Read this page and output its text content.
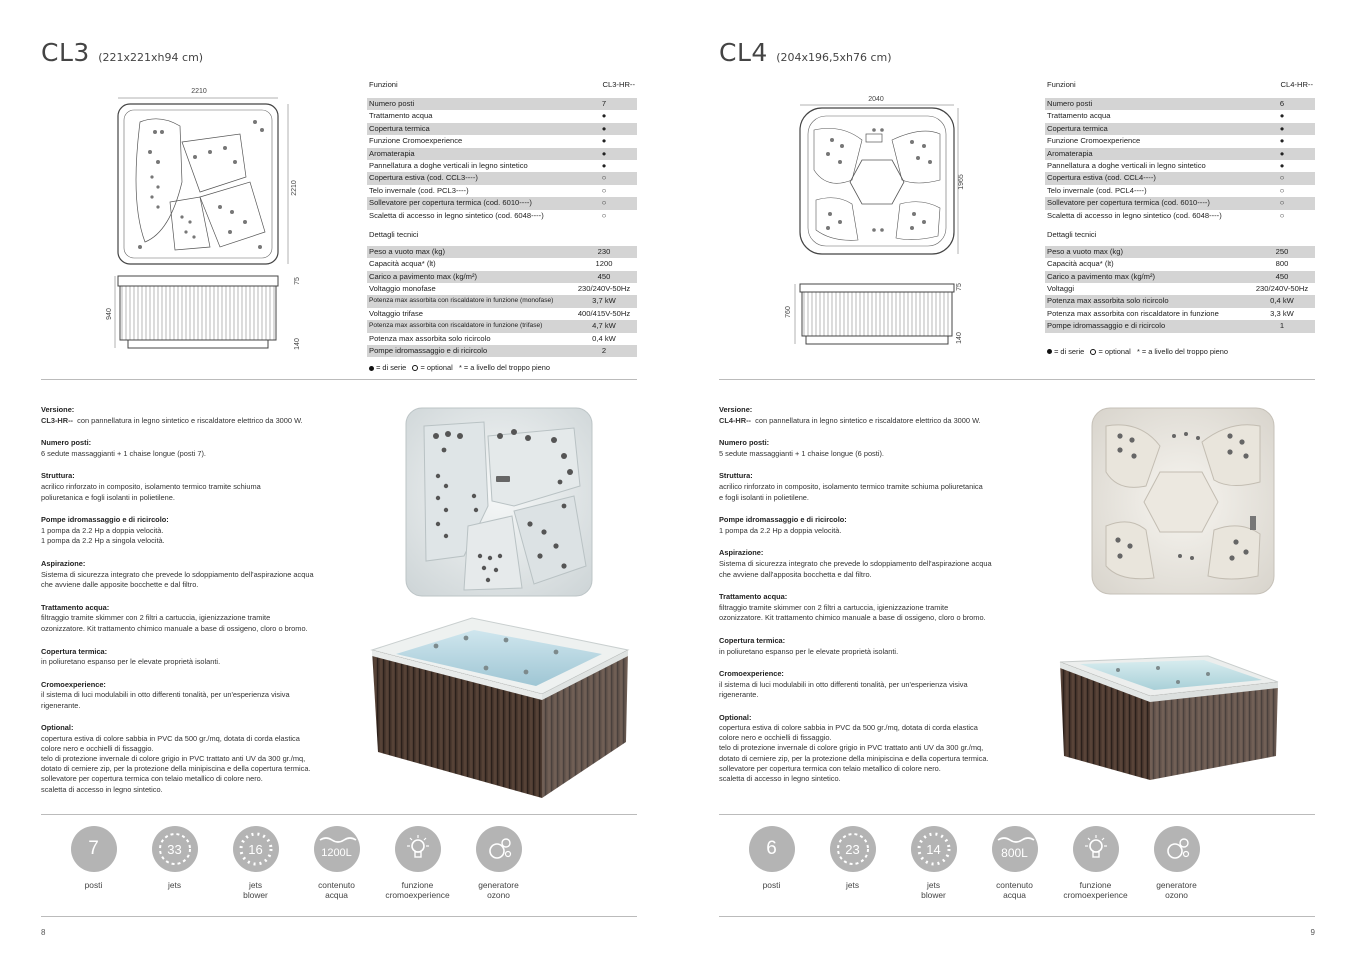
CL3 (221x221xh94 cm)
2210
2210
75
140
940
Funzioni	CL3-HR--
Numero posti	7
Trattamento acqua	●
Copertura termica	●
Funzione Cromoexperience	●
Aromaterapia	●
Pannellatura a doghe verticali in legno sintetico	●
Copertura estiva (cod. CCL3----)	○
Telo invernale (cod. PCL3----)	○
Sollevatore per copertura termica (cod. 6010----)	○
Scaletta di accesso in legno sintetico (cod. 6048----)	○
Dettagli tecnici
Peso a vuoto max (kg)	230
Capacità acqua* (lt)	1200
Carico a pavimento max (kg/m²)	450
Voltaggio monofase	230/240V-50Hz
Potenza max assorbita con riscaldatore in funzione (monofase)	3,7 kW
Voltaggio trifase	400/415V-50Hz
Potenza max assorbita con riscaldatore in funzione (trifase)	4,7 kW
Potenza max assorbita solo ricircolo	0,4 kW
Pompe idromassaggio e di ricircolo	2
= di serie = optional * = a livello del troppo pieno
Versione:
CL3-HR-- con pannellatura in legno sintetico e riscaldatore elettrico da 3000 W.
Numero posti:
6 sedute massaggianti + 1 chaise longue (posti 7).
Struttura:
acrilico rinforzato in composito, isolamento termico tramite schiuma
poliuretanica e fogli isolanti in polietilene.
Pompe idromassaggio e di ricircolo:
1 pompa da 2.2 Hp a doppia velocità.
1 pompa da 2.2 Hp a singola velocità.
Aspirazione:
Sistema di sicurezza integrato che prevede lo sdoppiamento dell'aspirazione acqua
che avviene dalle apposite bocchette e dal filtro.
Trattamento acqua:
filtraggio tramite skimmer con 2 filtri a cartuccia, igienizzazione tramite
ozonizzatore. Kit trattamento chimico manuale a base di ossigeno, cloro o bromo.
Copertura termica:
in poliuretano espanso per le elevate proprietà isolanti.
Cromoexperience:
il sistema di luci modulabili in otto differenti tonalità, per un'esperienza visiva
rigenerante.
Optional:
copertura estiva di colore sabbia in PVC da 500 gr./mq, dotata di corda elastica
colore nero e occhielli di fissaggio.
telo di protezione invernale di colore grigio in PVC trattato anti UV da 300 gr./mq,
dotato di cerniere zip, per la protezione della minipiscina e della copertura termica.
sollevatore per copertura termica con telaio metallico di colore nero.
scaletta di accesso in legno sintetico.
7
posti
33
jets
16
jets
blower
1200L
contenuto
acqua
funzione
cromoexperience
generatore
ozono
8
CL4 (204x196,5xh76 cm)
2040
1965
75
140
760
Funzioni	CL4-HR--
Numero posti	6
Trattamento acqua	●
Copertura termica	●
Funzione Cromoexperience	●
Aromaterapia	●
Pannellatura a doghe verticali in legno sintetico	●
Copertura estiva (cod. CCL4----)	○
Telo invernale (cod. PCL4----)	○
Sollevatore per copertura termica (cod. 6010----)	○
Scaletta di accesso in legno sintetico (cod. 6048----)	○
Dettagli tecnici
Peso a vuoto max (kg)	250
Capacità acqua* (lt)	800
Carico a pavimento max (kg/m²)	450
Voltaggi	230/240V-50Hz
Potenza max assorbita solo ricircolo	0,4 kW
Potenza max assorbita con riscaldatore in funzione	3,3 kW
Pompe idromassaggio e di ricircolo	1
= di serie = optional * = a livello del troppo pieno
Versione:
CL4-HR-- con pannellatura in legno sintetico e riscaldatore elettrico da 3000 W.
Numero posti:
5 sedute massaggianti + 1 chaise longue (6 posti).
Struttura:
acrilico rinforzato in composito, isolamento termico tramite schiuma poliuretanica
e fogli isolanti in polietilene.
Pompe idromassaggio e di ricircolo:
1 pompa da 2.2 Hp a doppia velocità.
Aspirazione:
Sistema di sicurezza integrato che prevede lo sdoppiamento dell'aspirazione acqua
che avviene dall'apposita bocchetta e dal filtro.
Trattamento acqua:
filtraggio tramite skimmer con 2 filtri a cartuccia, igienizzazione tramite
ozonizzatore. Kit trattamento chimico manuale a base di ossigeno, cloro o bromo.
Copertura termica:
in poliuretano espanso per le elevate proprietà isolanti.
Cromoexperience:
il sistema di luci modulabili in otto differenti tonalità, per un'esperienza visiva
rigenerante.
Optional:
copertura estiva di colore sabbia in PVC da 500 gr./mq, dotata di corda elastica
colore nero e occhielli di fissaggio.
telo di protezione invernale di colore grigio in PVC trattato anti UV da 300 gr./mq,
dotato di cerniere zip, per la protezione della minipiscina e della copertura termica.
sollevatore per copertura termica con telaio metallico di colore nero.
scaletta di accesso in legno sintetico.
6
posti
23
jets
14
jets
blower
800L
contenuto
acqua
funzione
cromoexperience
generatore
ozono
9
